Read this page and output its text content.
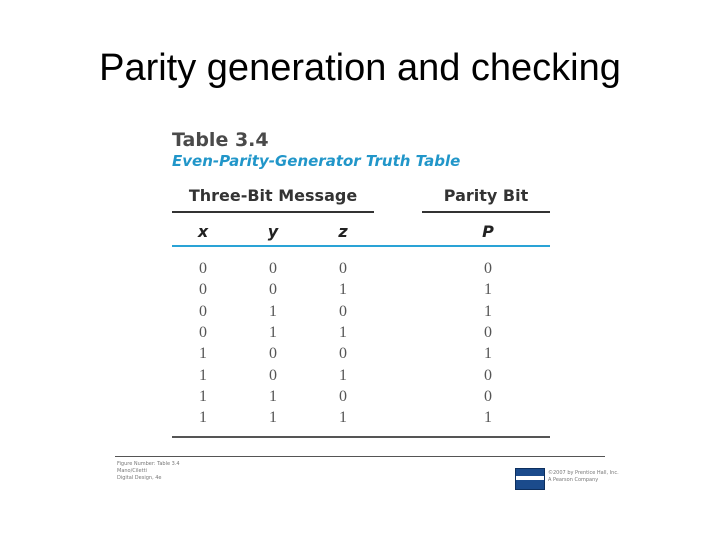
Parity generation and checking
Table 3.4
Even-Parity-Generator Truth Table
Three-Bit Message	Parity Bit
x	y	z	P
0	0	0	0
0	0	1	1
0	1	0	1
0	1	1	0
1	0	0	1
1	0	1	0
1	1	0	0
1	1	1	1
Figure Number: Table 3.4
Mano/Ciletti
Digital Design, 4e
©2007 by Prentice Hall, Inc.
A Pearson Company
